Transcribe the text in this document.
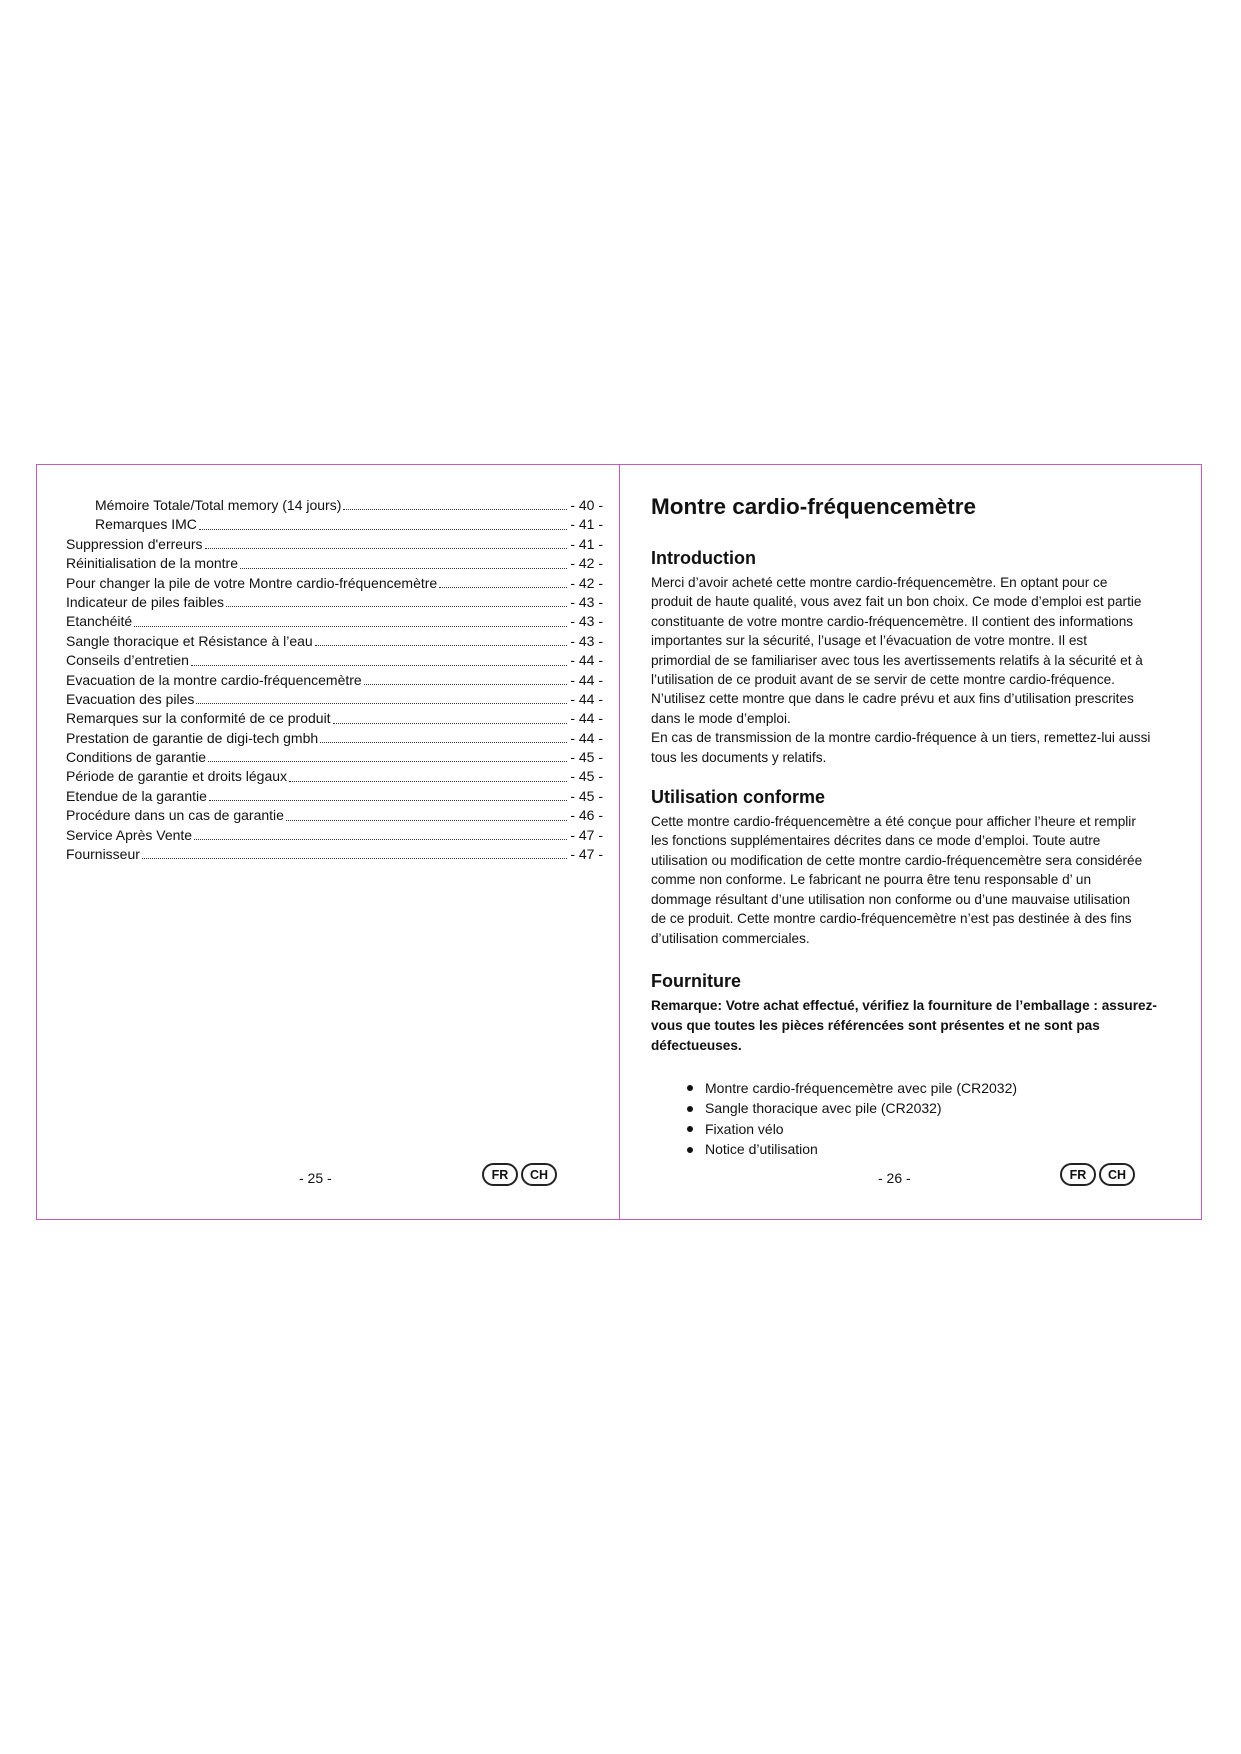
Mémoire Totale/Total memory (14 jours)	- 40 -
Remarques IMC	- 41 -
Suppression d'erreurs	- 41 -
Réinitialisation de la montre	- 42 -
Pour changer la pile de votre Montre cardio-fréquencemètre	- 42 -
Indicateur de piles faibles	- 43 -
Etanchéité	- 43 -
Sangle thoracique et Résistance à l’eau	- 43 -
Conseils d’entretien	- 44 -
Evacuation de la montre cardio-fréquencemètre	- 44 -
Evacuation des piles	- 44 -
Remarques sur la conformité de ce produit	- 44 -
Prestation de garantie de digi-tech gmbh	- 44 -
Conditions de garantie	- 45 -
Période de garantie et droits légaux	- 45 -
Etendue de la garantie	- 45 -
Procédure dans un cas de garantie	- 46 -
Service Après Vente	- 47 -
Fournisseur	- 47 -
- 25 -	FR	CH
Montre cardio-fréquencemètre
Introduction
Merci d’avoir acheté cette montre cardio-fréquencemètre. En optant pour ce
produit de haute qualité, vous avez fait un bon choix. Ce mode d’emploi est partie
constituante de votre montre cardio-fréquencemètre. Il contient des informations
importantes sur la sécurité, l’usage et l’évacuation de votre montre. Il est
primordial de se familiariser avec tous les avertissements relatifs à la sécurité et à
l’utilisation de ce produit avant de se servir de cette montre cardio-fréquence.
N’utilisez cette montre que dans le cadre prévu et aux fins d’utilisation prescrites
dans le mode d’emploi.
En cas de transmission de la montre cardio-fréquence à un tiers, remettez-lui aussi
tous les documents y relatifs.
Utilisation conforme
Cette montre cardio-fréquencemètre a été conçue pour afficher l’heure et remplir
les fonctions supplémentaires décrites dans ce mode d’emploi. Toute autre
utilisation ou modification de cette montre cardio-fréquencemètre sera considérée
comme non conforme. Le fabricant ne pourra être tenu responsable d’ un
dommage résultant d’une utilisation non conforme ou d’une mauvaise utilisation
de ce produit. Cette montre cardio-fréquencemètre n’est pas destinée à des fins
d’utilisation commerciales.
Fourniture
Remarque: Votre achat effectué, vérifiez la fourniture de l’emballage : assurez-
vous que toutes les pièces référencées sont présentes et ne sont pas
défectueuses.
Montre cardio-fréquencemètre avec pile (CR2032)
Sangle thoracique avec pile (CR2032)
Fixation vélo
Notice d’utilisation
- 26 -	FR	CH
